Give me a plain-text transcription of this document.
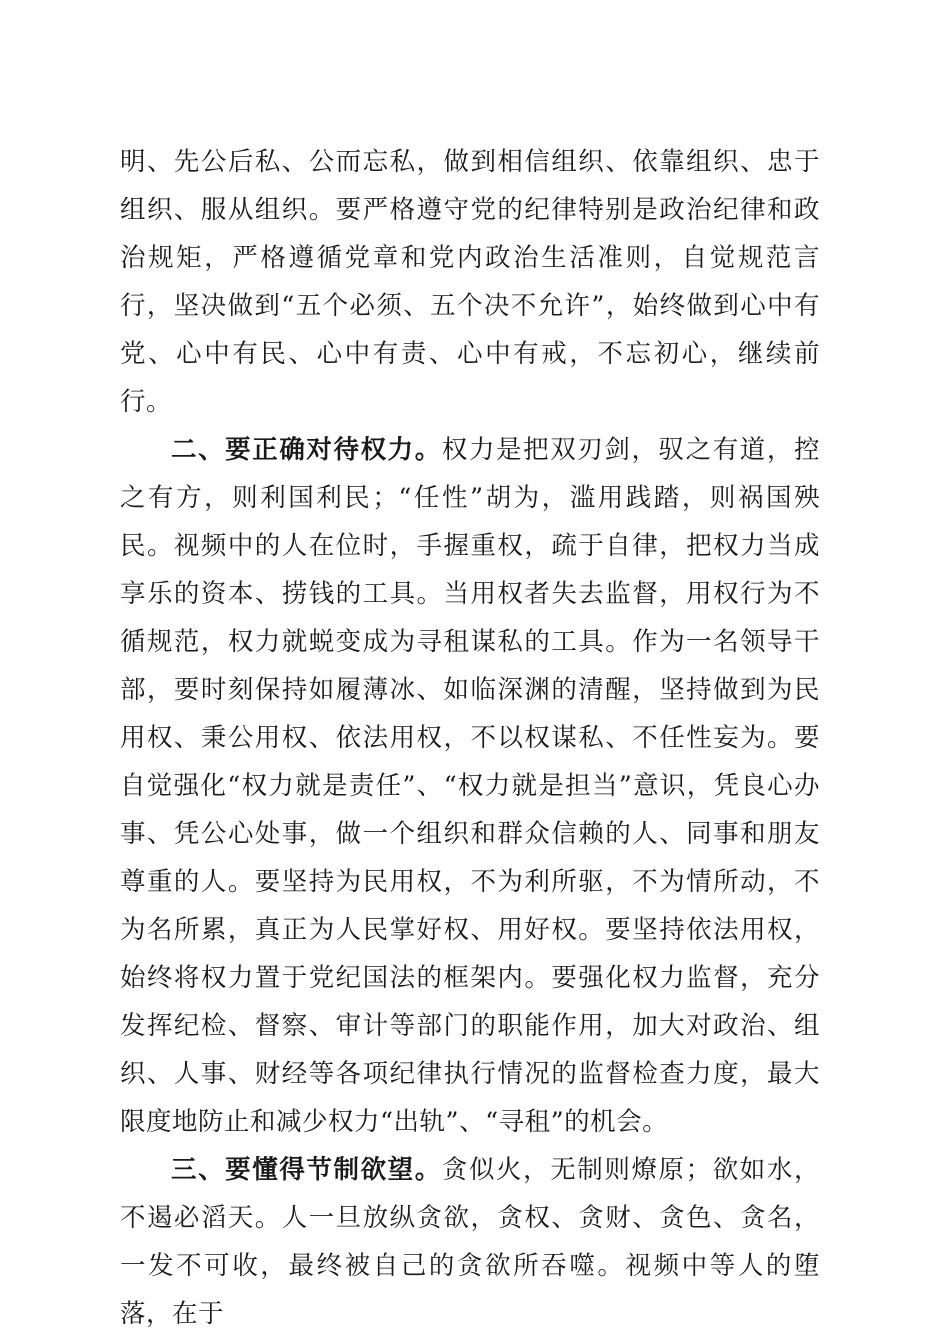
明、先公后私、公而忘私，做到相信组织、依靠组织、忠于组织、服从组织。要严格遵守党的纪律特别是政治纪律和政治规矩，严格遵循党章和党内政治生活准则，自觉规范言行，坚决做到“五个必须、五个决不允许”，始终做到心中有党、心中有民、心中有责、心中有戒，不忘初心，继续前行。

二、要正确对待权力。权力是把双刃剑，驭之有道，控之有方，则利国利民；“任性”胡为，滥用践踏，则祸国殃民。视频中的人在位时，手握重权，疏于自律，把权力当成享乐的资本、捞钱的工具。当用权者失去监督，用权行为不循规范，权力就蜕变成为寻租谋私的工具。作为一名领导干部，要时刻保持如履薄冰、如临深渊的清醒，坚持做到为民用权、秉公用权、依法用权，不以权谋私、不任性妄为。要自觉强化“权力就是责任”、“权力就是担当”意识，凭良心办事、凭公心处事，做一个组织和群众信赖的人、同事和朋友尊重的人。要坚持为民用权，不为利所驱，不为情所动，不为名所累，真正为人民掌好权、用好权。要坚持依法用权，始终将权力置于党纪国法的框架内。要强化权力监督，充分发挥纪检、督察、审计等部门的职能作用，加大对政治、组织、人事、财经等各项纪律执行情况的监督检查力度，最大限度地防止和减少权力“出轨”、“寻租”的机会。

三、要懂得节制欲望。贪似火，无制则燎原；欲如水，不遏必滔天。人一旦放纵贪欲，贪权、贪财、贪色、贪名，一发不可收，最终被自己的贪欲所吞噬。视频中等人的堕落，在于
